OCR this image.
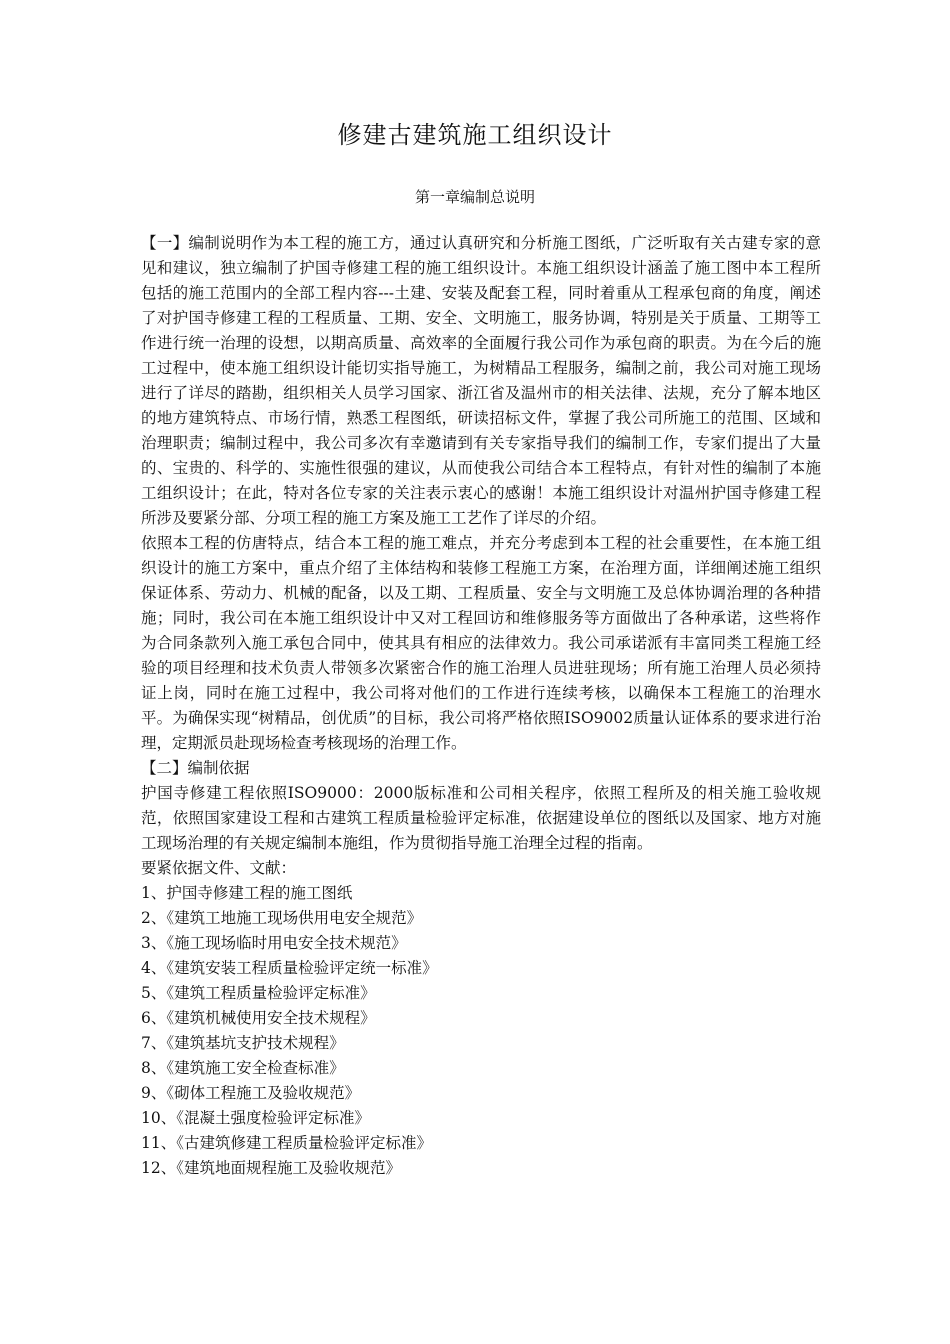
修建古建筑施工组织设计
第一章编制总说明

【一】编制说明作为本工程的施工方，通过认真研究和分析施工图纸，广泛听取有关古建专家的意见和建议，独立编制了护国寺修建工程的施工组织设计。本施工组织设计涵盖了施工图中本工程所包括的施工范围内的全部工程内容---土建、安装及配套工程，同时着重从工程承包商的角度，阐述了对护国寺修建工程的工程质量、工期、安全、文明施工，服务协调，特别是关于质量、工期等工作进行统一治理的设想，以期高质量、高效率的全面履行我公司作为承包商的职责。为在今后的施工过程中，使本施工组织设计能切实指导施工，为树精品工程服务，编制之前，我公司对施工现场进行了详尽的踏勘，组织相关人员学习国家、浙江省及温州市的相关法律、法规，充分了解本地区的地方建筑特点、市场行情，熟悉工程图纸，研读招标文件，掌握了我公司所施工的范围、区域和治理职责；编制过程中，我公司多次有幸邀请到有关专家指导我们的编制工作，专家们提出了大量的、宝贵的、科学的、实施性很强的建议，从而使我公司结合本工程特点，有针对性的编制了本施工组织设计；在此，特对各位专家的关注表示衷心的感谢！本施工组织设计对温州护国寺修建工程所涉及要紧分部、分项工程的施工方案及施工工艺作了详尽的介绍。

依照本工程的仿唐特点，结合本工程的施工难点，并充分考虑到本工程的社会重要性，在本施工组织设计的施工方案中，重点介绍了主体结构和装修工程施工方案，在治理方面，详细阐述施工组织保证体系、劳动力、机械的配备，以及工期、工程质量、安全与文明施工及总体协调治理的各种措施；同时，我公司在本施工组织设计中又对工程回访和维修服务等方面做出了各种承诺，这些将作为合同条款列入施工承包合同中，使其具有相应的法律效力。我公司承诺派有丰富同类工程施工经验的项目经理和技术负责人带领多次紧密合作的施工治理人员进驻现场；所有施工治理人员必须持证上岗，同时在施工过程中，我公司将对他们的工作进行连续考核，以确保本工程施工的治理水平。为确保实现“树精品，创优质”的目标，我公司将严格依照ISO9002质量认证体系的要求进行治理，定期派员赴现场检查考核现场的治理工作。

【二】编制依据

护国寺修建工程依照ISO9000：2000版标准和公司相关程序，依照工程所及的相关施工验收规范，依照国家建设工程和古建筑工程质量检验评定标准，依据建设单位的图纸以及国家、地方对施工现场治理的有关规定编制本施组，作为贯彻指导施工治理全过程的指南。

要紧依据文件、文献：

1、护国寺修建工程的施工图纸

2、《建筑工地施工现场供用电安全规范》

3、《施工现场临时用电安全技术规范》

4、《建筑安装工程质量检验评定统一标准》

5、《建筑工程质量检验评定标准》

6、《建筑机械使用安全技术规程》

7、《建筑基坑支护技术规程》

8、《建筑施工安全检查标准》

9、《砌体工程施工及验收规范》

10、《混凝土强度检验评定标准》

11、《古建筑修建工程质量检验评定标准》

12、《建筑地面规程施工及验收规范》
